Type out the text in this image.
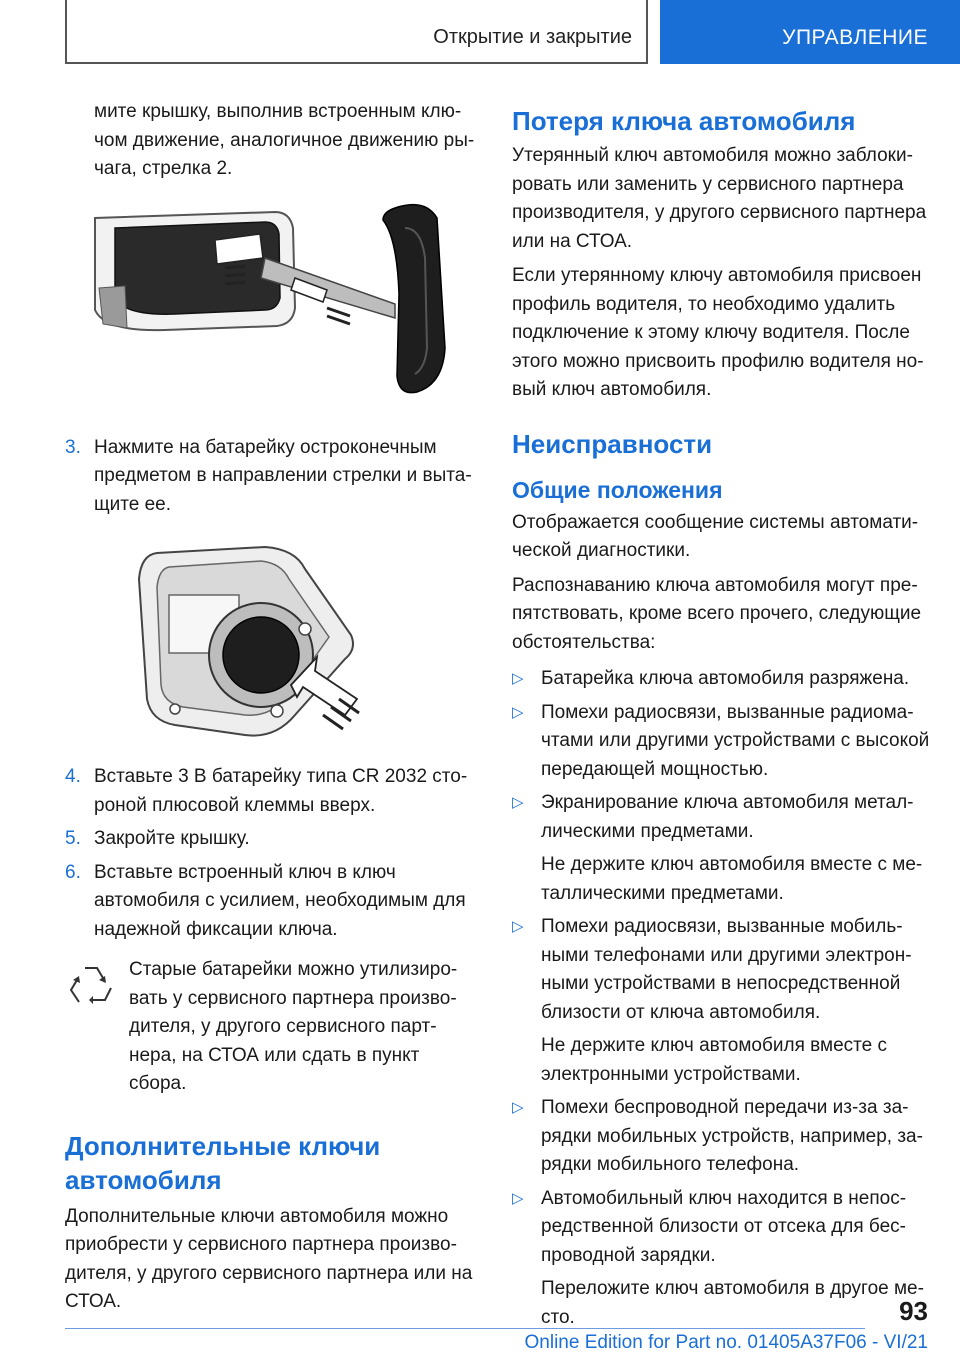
Открытие и закрытие	УПРАВЛЕНИЕ

мите крышку, выполнив встроенным ключом движение, аналогичное движению рычага, стрелка 2.

3. Нажмите на батарейку остроконечным предметом в направлении стрелки и вытащите ее.
4. Вставьте 3 В батарейку типа CR 2032 стороной плюсовой клеммы вверх.
5. Закройте крышку.
6. Вставьте встроенный ключ в ключ автомобиля с усилием, необходимым для надежной фиксации ключа.

Старые батарейки можно утилизировать у сервисного партнера производителя, у другого сервисного партнера, на СТОА или сдать в пункт сбора.

Дополнительные ключи автомобиля

Дополнительные ключи автомобиля можно приобрести у сервисного партнера производителя, у другого сервисного партнера или на СТОА.

Потеря ключа автомобиля

Утерянный ключ автомобиля можно заблокировать или заменить у сервисного партнера производителя, у другого сервисного партнера или на СТОА.

Если утерянному ключу автомобиля присвоен профиль водителя, то необходимо удалить подключение к этому ключу водителя. После этого можно присвоить профилю водителя новый ключ автомобиля.

Неисправности
Общие положения

Отображается сообщение системы автоматической диагностики.

Распознаванию ключа автомобиля могут препятствовать, кроме всего прочего, следующие обстоятельства:

▷ Батарейка ключа автомобиля разряжена.
▷ Помехи радиосвязи, вызванные радиомачтами или другими устройствами с высокой передающей мощностью.
▷ Экранирование ключа автомобиля металлическими предметами.

Не держите ключ автомобиля вместе с металлическими предметами.

▷ Помехи радиосвязи, вызванные мобильными телефонами или другими электронными устройствами в непосредственной близости от ключа автомобиля.

Не держите ключ автомобиля вместе с электронными устройствами.

▷ Помехи беспроводной передачи из-за зарядки мобильных устройств, например, зарядки мобильного телефона.
▷ Автомобильный ключ находится в непосредственной близости от отсека для беспроводной зарядки.

Переложите ключ автомобиля в другое место.	93
Online Edition for Part no. 01405A37F06 - VI/21
